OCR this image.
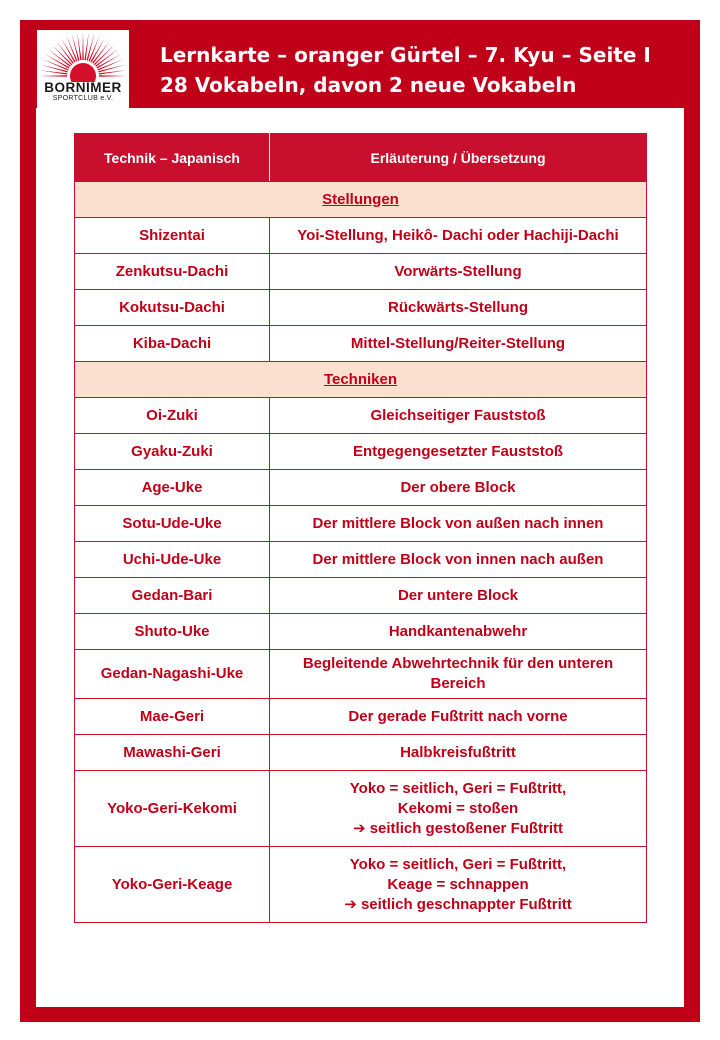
BORNIMER
SPORTCLUB e.V.
Lernkarte – oranger Gürtel – 7. Kyu – Seite I
28 Vokabeln, davon 2 neue Vokabeln
Technik – Japanisch	Erläuterung / Übersetzung
Stellungen	
Shizentai	Yoi-Stellung, Heikô- Dachi oder Hachiji-Dachi

Zenkutsu-Dachi	Vorwärts-Stellung

Kokutsu-Dachi	Rückwärts-Stellung

Kiba-Dachi	Mittel-Stellung/Reiter-Stellung

Techniken	
Oi-Zuki	Gleichseitiger Fauststoß

Gyaku-Zuki	Entgegengesetzter Fauststoß

Age-Uke	Der obere Block

Sotu-Ude-Uke	Der mittlere Block von außen nach innen

Uchi-Ude-Uke	Der mittlere Block von innen nach außen

Gedan-Bari	Der untere Block

Shuto-Uke	Handkantenabwehr

Gedan-Nagashi-Uke	Begleitende Abwehrtechnik für den unteren
Bereich

Mae-Geri	Der gerade Fußtritt nach vorne

Mawashi-Geri	Halbkreisfußtritt

Yoko-Geri-Kekomi	Yoko = seitlich, Geri = Fußtritt,
Kekomi = stoßen
➔ seitlich gestoßener Fußtritt

Yoko-Geri-Keage	Yoko = seitlich, Geri = Fußtritt,
Keage = schnappen
➔ seitlich geschnappter Fußtritt
